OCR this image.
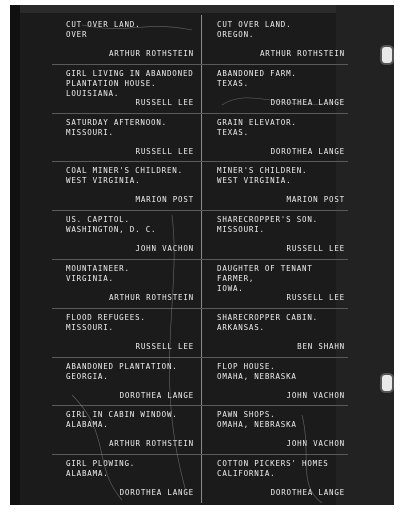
CUT OVER LAND.
OVER
ARTHUR ROTHSTEIN
CUT OVER LAND.
OREGON.
ARTHUR ROTHSTEIN
GIRL LIVING IN ABANDONED
PLANTATION HOUSE.
LOUISIANA.
RUSSELL LEE
ABANDONED FARM.
TEXAS.
DOROTHEA LANGE
SATURDAY AFTERNOON.
MISSOURI.
RUSSELL LEE
GRAIN ELEVATOR.
TEXAS.
DOROTHEA LANGE
COAL MINER'S CHILDREN.
WEST VIRGINIA.
MARION POST
MINER'S CHILDREN.
WEST VIRGINIA.
MARION POST
US. CAPITOL.
WASHINGTON, D. C.
JOHN VACHON
SHARECROPPER'S SON.
MISSOURI.
RUSSELL LEE
MOUNTAINEER.
VIRGINIA.
ARTHUR ROTHSTEIN
DAUGHTER OF TENANT
FARMER,
IOWA.
RUSSELL LEE
FLOOD REFUGEES.
MISSOURI.
RUSSELL LEE
SHARECROPPER CABIN.
ARKANSAS.
BEN SHAHN
ABANDONED PLANTATION.
GEORGIA.
DOROTHEA LANGE
FLOP HOUSE.
OMAHA, NEBRASKA
JOHN VACHON
GIRL IN CABIN WINDOW.
ALABAMA.
ARTHUR ROTHSTEIN
PAWN SHOPS.
OMAHA, NEBRASKA
JOHN VACHON
GIRL PLOWING.
ALABAMA.
DOROTHEA LANGE
COTTON PICKERS' HOMES
CALIFORNIA.
DOROTHEA LANGE
